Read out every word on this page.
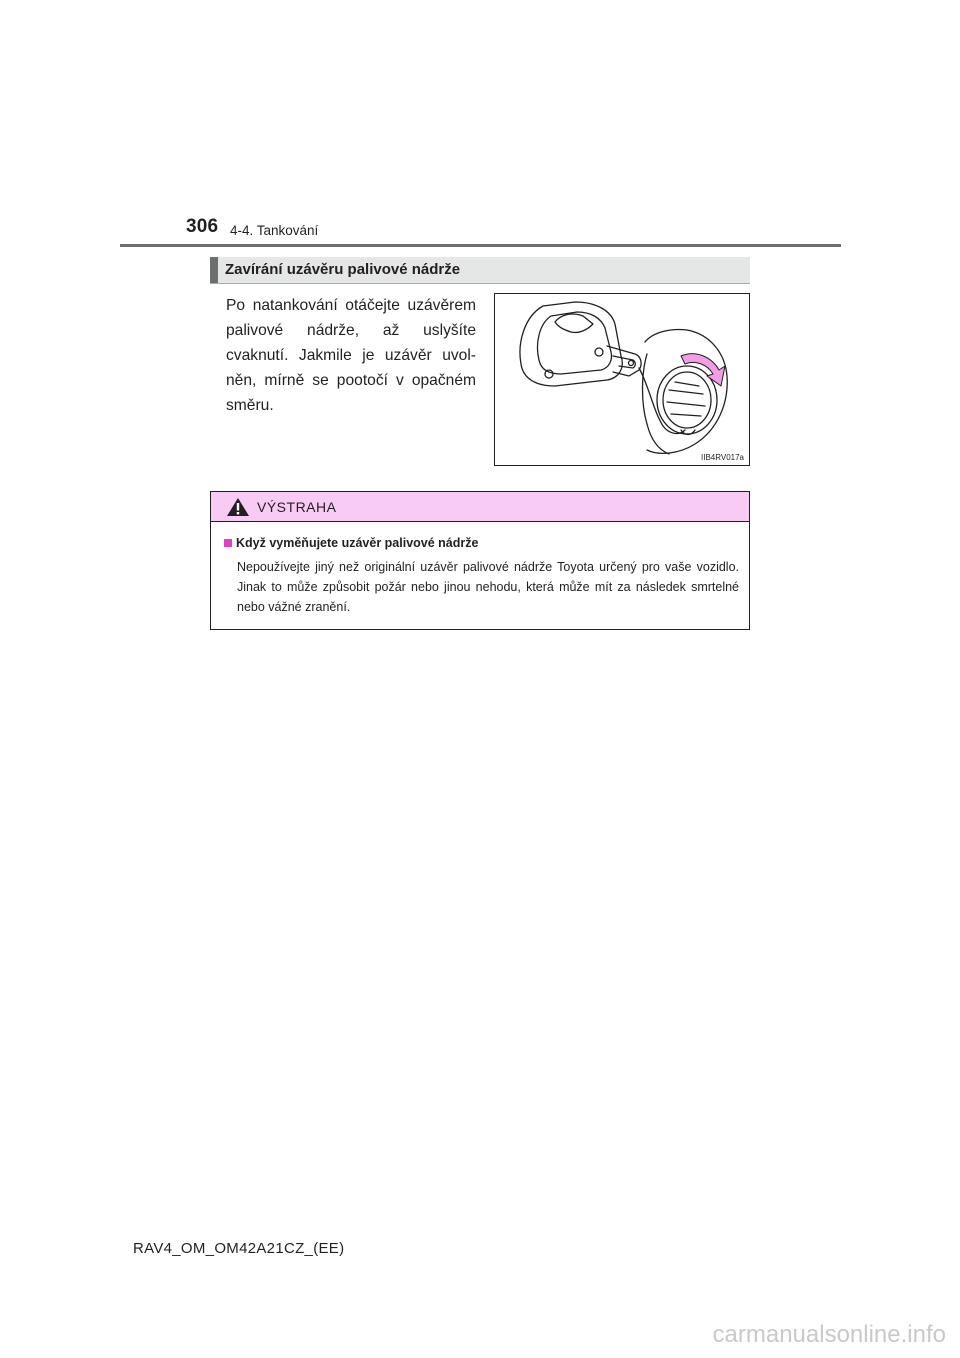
306 4-4. Tankování
Zavírání uzávěru palivové nádrže
Po natankování otáčejte uzávěrem palivové nádrže, až uslyšíte cvaknutí. Jakmile je uzávěr uvolněn, mírně se pootočí v opačném směru.
IIB4RV017a
VÝSTRAHA
Když vyměňujete uzávěr palivové nádrže
Nepoužívejte jiný než originální uzávěr palivové nádrže Toyota určený pro vaše vozidlo. Jinak to může způsobit požár nebo jinou nehodu, která může mít za následek smrtelné nebo vážné zranění.
RAV4_OM_OM42A21CZ_(EE)
carmanualsonline.info
